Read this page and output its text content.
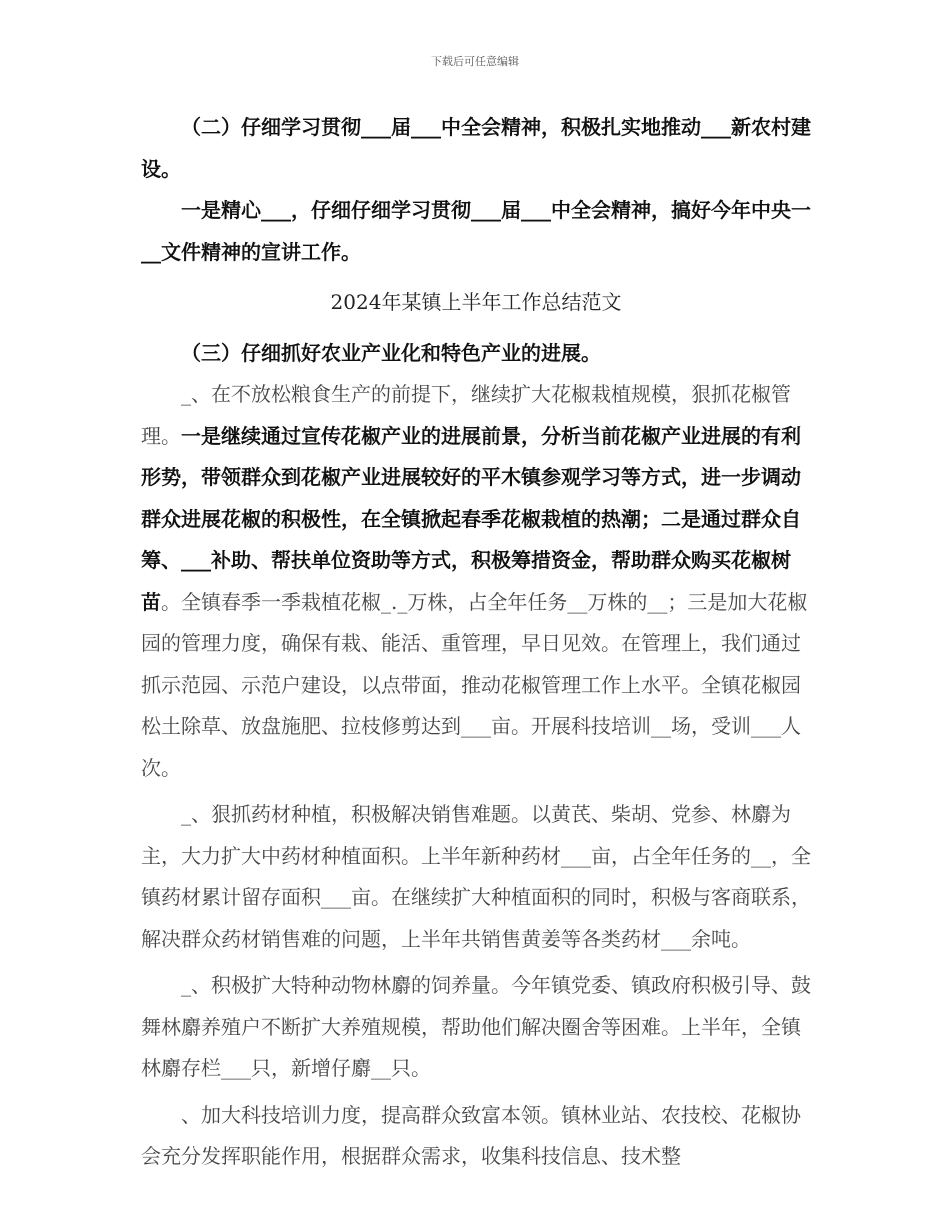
下载后可任意编辑

（二）仔细学习贯彻___届___中全会精神，积极扎实地推动___新农村建设。

一是精心___，仔细仔细学习贯彻___届___中全会精神，搞好今年中央一__文件精神的宣讲工作。

2024年某镇上半年工作总结范文

（三）仔细抓好农业产业化和特色产业的进展。

_、在不放松粮食生产的前提下，继续扩大花椒栽植规模，狠抓花椒管理。一是继续通过宣传花椒产业的进展前景，分析当前花椒产业进展的有利形势，带领群众到花椒产业进展较好的平木镇参观学习等方式，进一步调动群众进展花椒的积极性，在全镇掀起春季花椒栽植的热潮；二是通过群众自筹、___补助、帮扶单位资助等方式，积极筹措资金，帮助群众购买花椒树苗。全镇春季一季栽植花椒_._万株，占全年任务__万株的__；三是加大花椒园的管理力度，确保有栽、能活、重管理，早日见效。在管理上，我们通过抓示范园、示范户建设，以点带面，推动花椒管理工作上水平。全镇花椒园松土除草、放盘施肥、拉枝修剪达到___亩。开展科技培训__场，受训___人次。

_、狠抓药材种植，积极解决销售难题。以黄芪、柴胡、党参、林麝为主，大力扩大中药材种植面积。上半年新种药材___亩，占全年任务的__，全镇药材累计留存面积___亩。在继续扩大种植面积的同时，积极与客商联系，解决群众药材销售难的问题，上半年共销售黄姜等各类药材___余吨。

_、积极扩大特种动物林麝的饲养量。今年镇党委、镇政府积极引导、鼓舞林麝养殖户不断扩大养殖规模，帮助他们解决圈舍等困难。上半年，全镇林麝存栏___只，新增仔麝__只。

、加大科技培训力度，提高群众致富本领。镇林业站、农技校、花椒协会充分发挥职能作用，根据群众需求，收集科技信息、技术整
